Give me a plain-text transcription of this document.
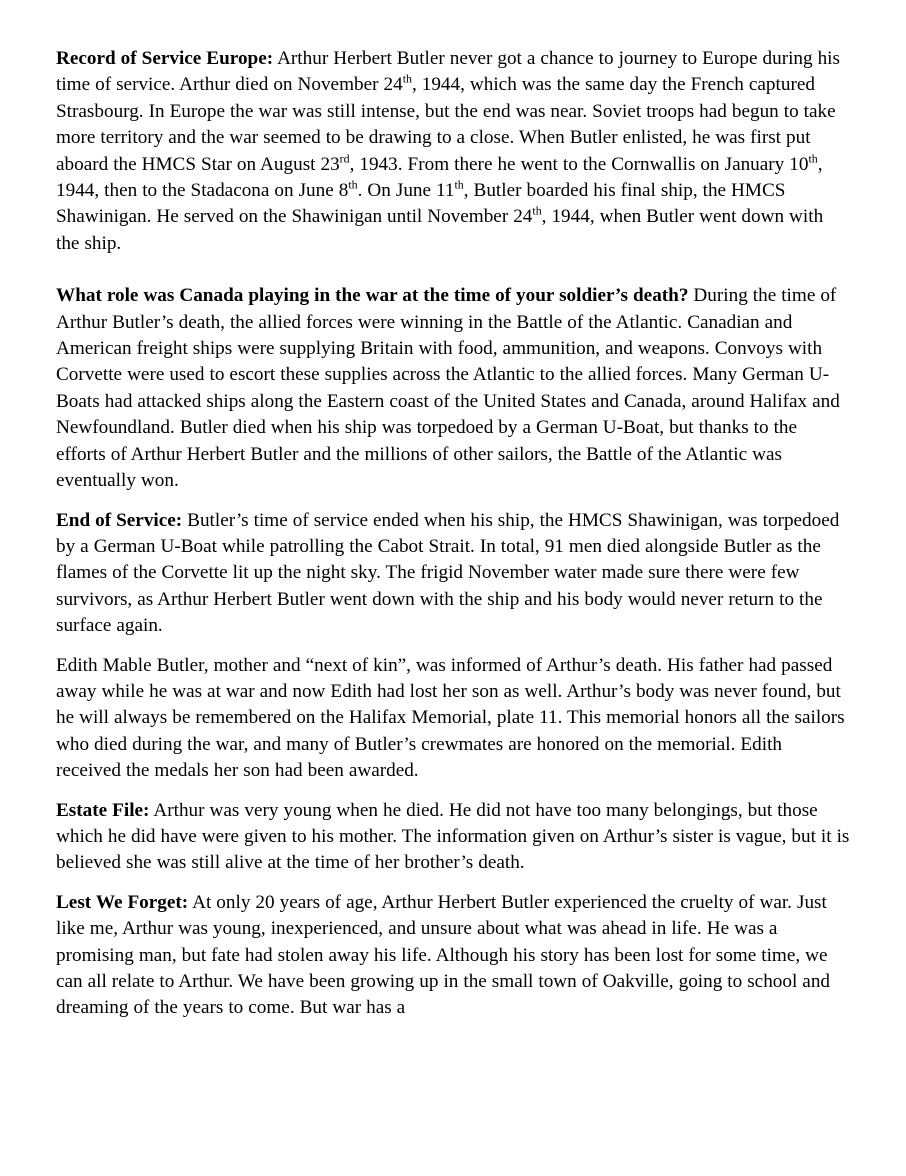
Record of Service Europe: Arthur Herbert Butler never got a chance to journey to Europe during his time of service. Arthur died on November 24th, 1944, which was the same day the French captured Strasbourg. In Europe the war was still intense, but the end was near. Soviet troops had begun to take more territory and the war seemed to be drawing to a close. When Butler enlisted, he was first put aboard the HMCS Star on August 23rd, 1943. From there he went to the Cornwallis on January 10th, 1944, then to the Stadacona on June 8th. On June 11th, Butler boarded his final ship, the HMCS Shawinigan. He served on the Shawinigan until November 24th, 1944, when Butler went down with the ship.

What role was Canada playing in the war at the time of your soldier’s death? During the time of Arthur Butler’s death, the allied forces were winning in the Battle of the Atlantic. Canadian and American freight ships were supplying Britain with food, ammunition, and weapons. Convoys with Corvette were used to escort these supplies across the Atlantic to the allied forces. Many German U-Boats had attacked ships along the Eastern coast of the United States and Canada, around Halifax and Newfoundland. Butler died when his ship was torpedoed by a German U-Boat, but thanks to the efforts of Arthur Herbert Butler and the millions of other sailors, the Battle of the Atlantic was eventually won.

End of Service: Butler’s time of service ended when his ship, the HMCS Shawinigan, was torpedoed by a German U-Boat while patrolling the Cabot Strait. In total, 91 men died alongside Butler as the flames of the Corvette lit up the night sky. The frigid November water made sure there were few survivors, as Arthur Herbert Butler went down with the ship and his body would never return to the surface again.

Edith Mable Butler, mother and “next of kin”, was informed of Arthur’s death. His father had passed away while he was at war and now Edith had lost her son as well. Arthur’s body was never found, but he will always be remembered on the Halifax Memorial, plate 11. This memorial honors all the sailors who died during the war, and many of Butler’s crewmates are honored on the memorial. Edith received the medals her son had been awarded.

Estate File: Arthur was very young when he died. He did not have too many belongings, but those which he did have were given to his mother. The information given on Arthur’s sister is vague, but it is believed she was still alive at the time of her brother’s death.

Lest We Forget: At only 20 years of age, Arthur Herbert Butler experienced the cruelty of war. Just like me, Arthur was young, inexperienced, and unsure about what was ahead in life. He was a promising man, but fate had stolen away his life. Although his story has been lost for some time, we can all relate to Arthur. We have been growing up in the small town of Oakville, going to school and dreaming of the years to come. But war has a
